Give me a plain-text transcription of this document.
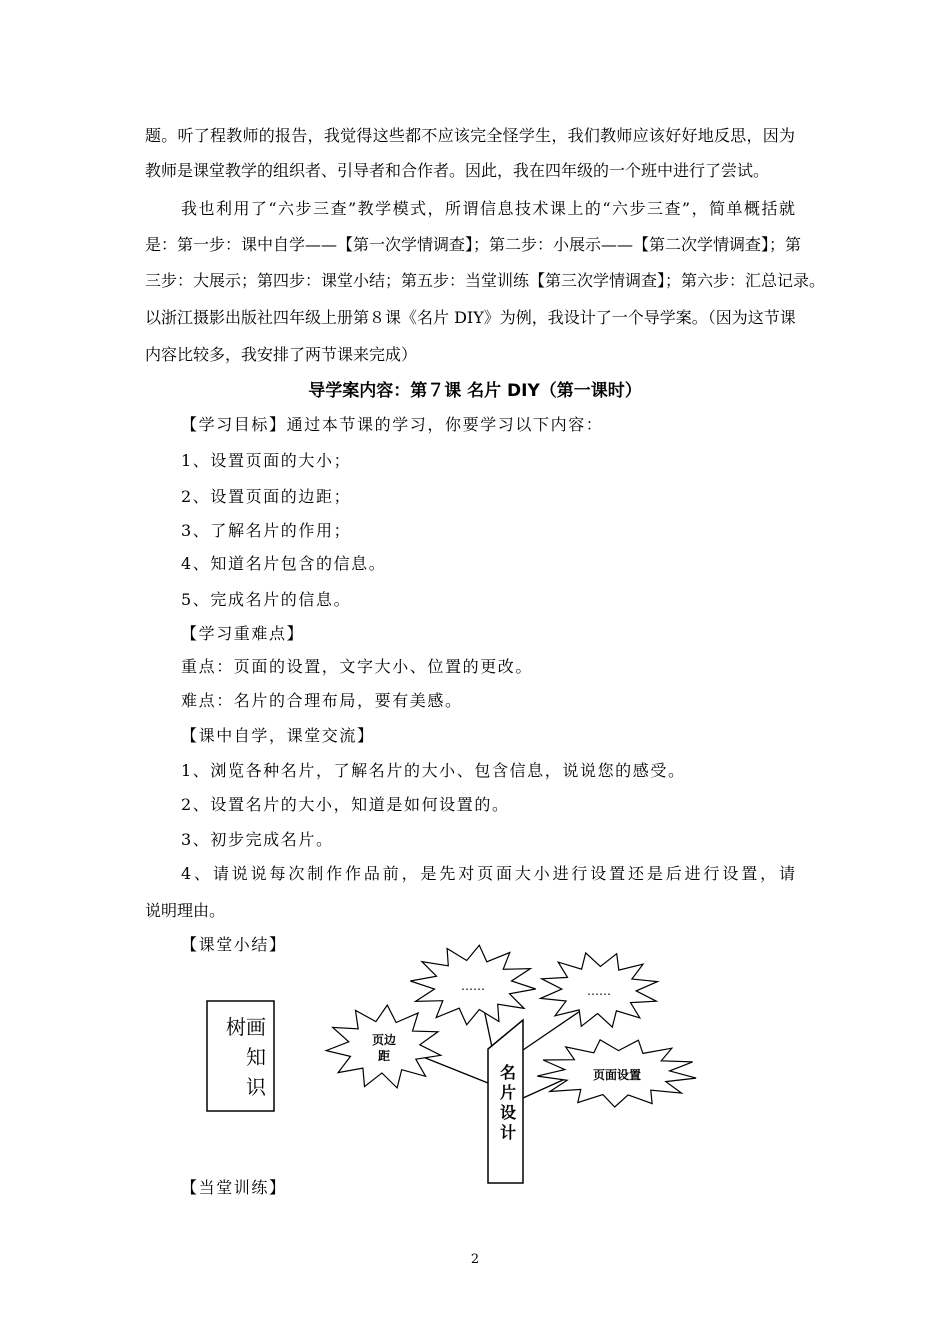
题。听了程教师的报告，我觉得这些都不应该完全怪学生，我们教师应该好好地反思，因为
教师是课堂教学的组织者、引导者和合作者。因此，我在四年级的一个班中进行了尝试。
我也利用了“六步三查”教学模式，所谓信息技术课上的“六步三查”，简单概括就
是：第一步：课中自学——【第一次学情调查】；第二步：小展示——【第二次学情调查】；第
三步：大展示；第四步：课堂小结；第五步：当堂训练【第三次学情调查】；第六步：汇总记录。
以浙江摄影出版社四年级上册第８课《名片 DIY》为例，我设计了一个导学案。（因为这节课
内容比较多，我安排了两节课来完成）
导学案内容：第７课 名片 DIY（第一课时）
【学习目标】通过本节课的学习，你要学习以下内容：
1、设置页面的大小；
2、设置页面的边距；
3、了解名片的作用；
4、知道名片包含的信息。
5、完成名片的信息。
【学习重难点】
重点：页面的设置，文字大小、位置的更改。
难点：名片的合理布局，要有美感。
【课中自学，课堂交流】
1、浏览各种名片，了解名片的大小、包含信息，说说您的感受。
2、设置名片的大小，知道是如何设置的。
3、初步完成名片。
4、请说说每次制作作品前，是先对页面大小进行设置还是后进行设置，请
说明理由。
【课堂小结】
树画
知
识
名
片
设
计
页边
距
……	……
页面设置
【当堂训练】
2
